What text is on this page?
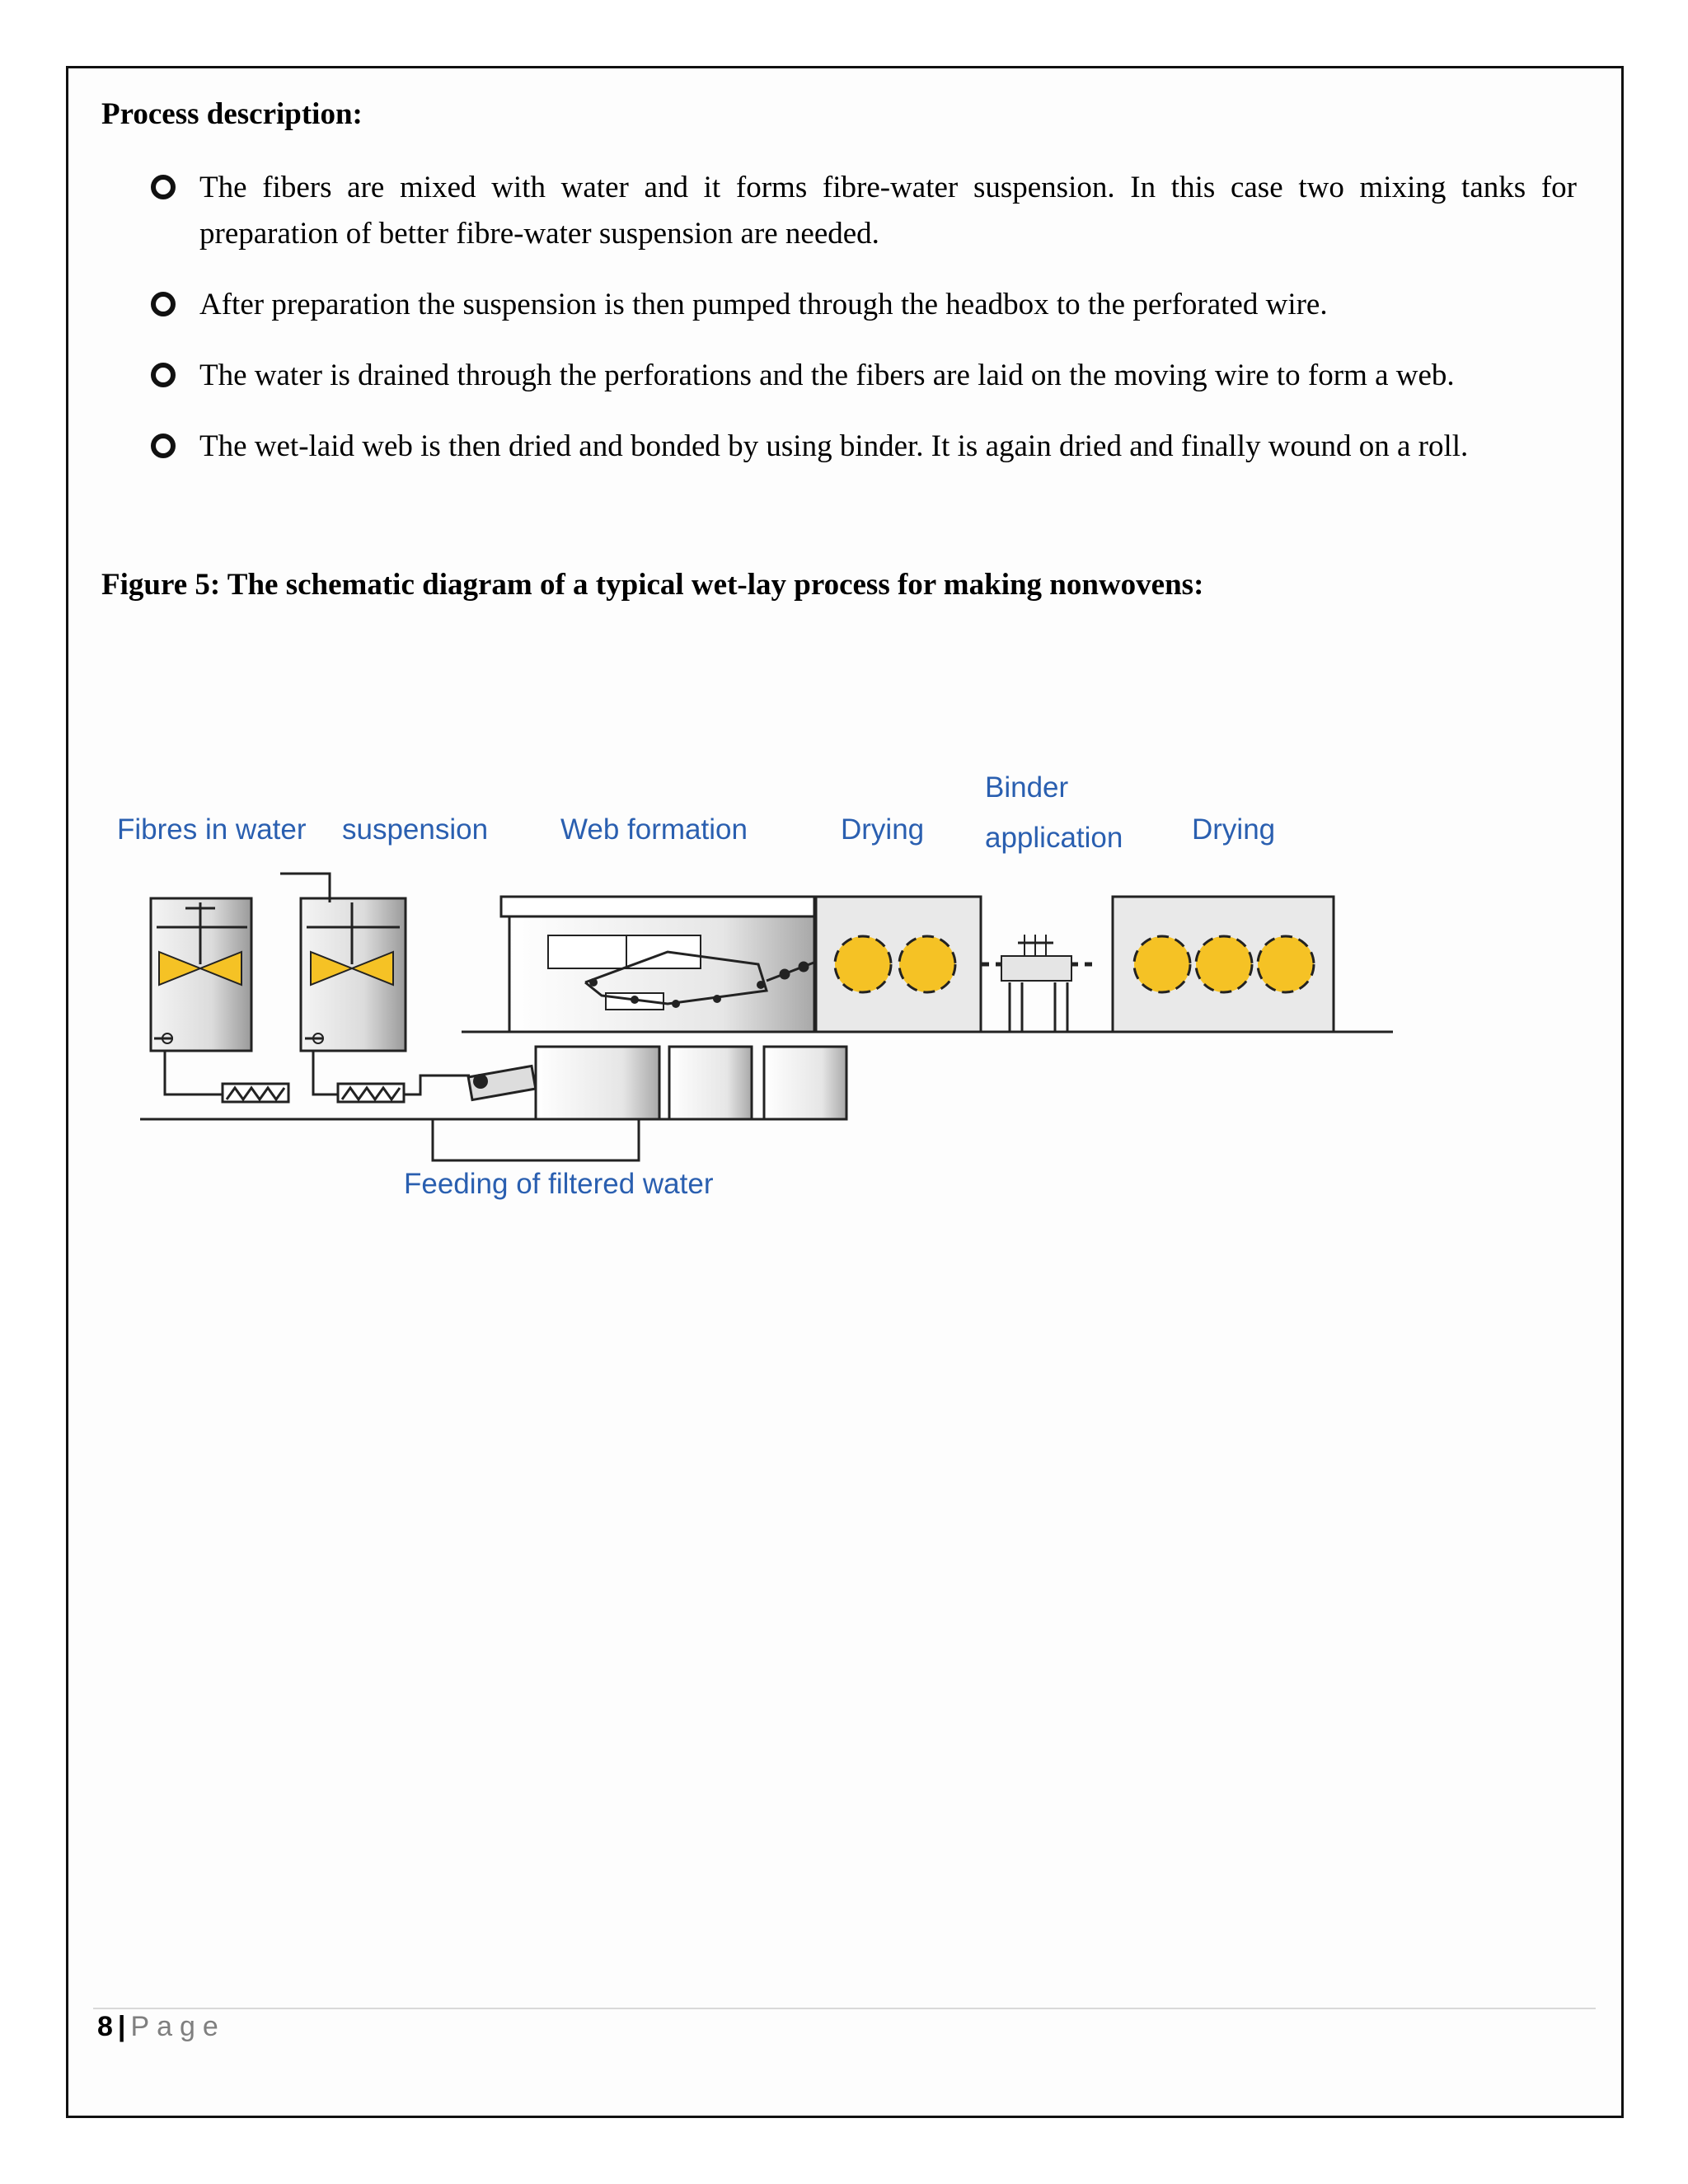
Process description:
The fibers are mixed with water and it forms fibre-water suspension. In this case two mixing tanks for preparation of better fibre-water suspension are needed.
After preparation the suspension is then pumped through the headbox to the perforated wire.
The water is drained through the perforations and the fibers are laid on the moving wire to form a web.
The wet-laid web is then dried and bonded by using binder. It is again dried and finally wound on a roll.
Figure 5: The schematic diagram of a typical wet-lay process for making nonwovens:
Fibres in water suspension	Web formation	Drying
Binder
application Drying
Feeding of filtered water
8 | Page
